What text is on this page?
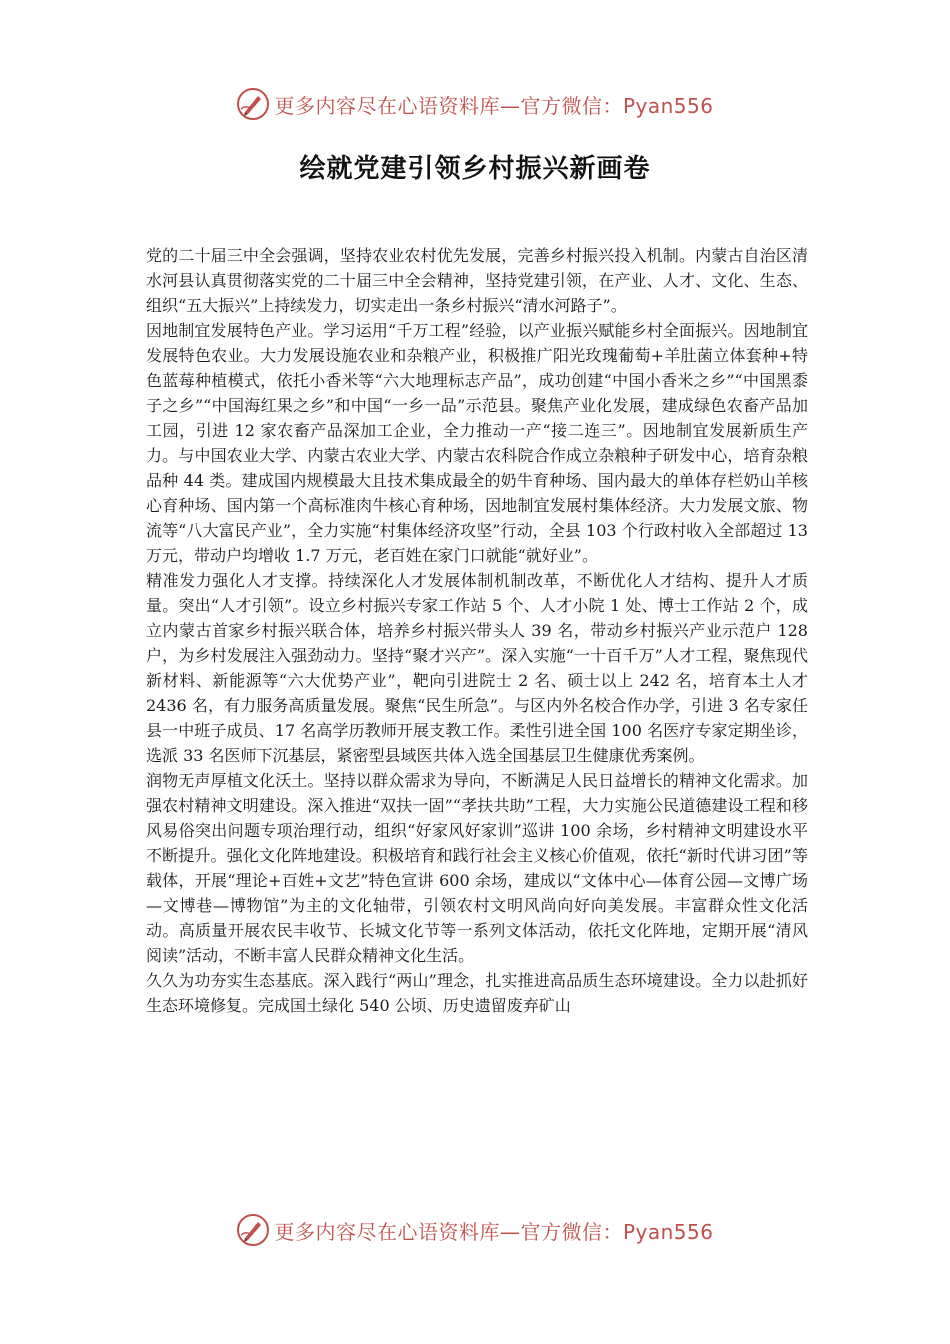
更多内容尽在心语资料库—官方微信：Pyan556
绘就党建引领乡村振兴新画卷

党的二十届三中全会强调，坚持农业农村优先发展，完善乡村振兴投入机制。内蒙古自治区清水河县认真贯彻落实党的二十届三中全会精神，坚持党建引领，在产业、人才、文化、生态、组织“五大振兴”上持续发力，切实走出一条乡村振兴“清水河路子”。

因地制宜发展特色产业。学习运用“千万工程”经验，以产业振兴赋能乡村全面振兴。因地制宜发展特色农业。大力发展设施农业和杂粮产业，积极推广阳光玫瑰葡萄+羊肚菌立体套种+特色蓝莓种植模式，依托小香米等“六大地理标志产品”，成功创建“中国小香米之乡”“中国黑黍子之乡”“中国海红果之乡”和中国“一乡一品”示范县。聚焦产业化发展，建成绿色农畜产品加工园，引进 12 家农畜产品深加工企业，全力推动一产“接二连三”。因地制宜发展新质生产力。与中国农业大学、内蒙古农业大学、内蒙古农科院合作成立杂粮种子研发中心，培育杂粮品种 44 类。建成国内规模最大且技术集成最全的奶牛育种场、国内最大的单体存栏奶山羊核心育种场、国内第一个高标准肉牛核心育种场，因地制宜发展村集体经济。大力发展文旅、物流等“八大富民产业”，全力实施“村集体经济攻坚”行动，全县 103 个行政村收入全部超过 13 万元，带动户均增收 1.7 万元，老百姓在家门口就能“就好业”。

精准发力强化人才支撑。持续深化人才发展体制机制改革，不断优化人才结构、提升人才质量。突出“人才引领”。设立乡村振兴专家工作站 5 个、人才小院 1 处、博士工作站 2 个，成立内蒙古首家乡村振兴联合体，培养乡村振兴带头人 39 名，带动乡村振兴产业示范户 128 户，为乡村发展注入强劲动力。坚持“聚才兴产”。深入实施“一十百千万”人才工程，聚焦现代新材料、新能源等“六大优势产业”，靶向引进院士 2 名、硕士以上 242 名，培育本土人才 2436 名，有力服务高质量发展。聚焦“民生所急”。与区内外名校合作办学，引进 3 名专家任县一中班子成员、17 名高学历教师开展支教工作。柔性引进全国 100 名医疗专家定期坐诊，选派 33 名医师下沉基层，紧密型县域医共体入选全国基层卫生健康优秀案例。

润物无声厚植文化沃土。坚持以群众需求为导向，不断满足人民日益增长的精神文化需求。加强农村精神文明建设。深入推进“双扶一固”“孝扶共助”工程，大力实施公民道德建设工程和移风易俗突出问题专项治理行动，组织“好家风好家训”巡讲 100 余场，乡村精神文明建设水平不断提升。强化文化阵地建设。积极培育和践行社会主义核心价值观，依托“新时代讲习团”等载体，开展“理论+百姓+文艺”特色宣讲 600 余场，建成以“文体中心—体育公园—文博广场—文博巷—博物馆”为主的文化轴带，引领农村文明风尚向好向美发展。丰富群众性文化活动。高质量开展农民丰收节、长城文化节等一系列文体活动，依托文化阵地，定期开展“清风阅读”活动，不断丰富人民群众精神文化生活。

久久为功夯实生态基底。深入践行“两山”理念，扎实推进高品质生态环境建设。全力以赴抓好生态环境修复。完成国土绿化 540 公顷、历史遗留废弃矿山

更多内容尽在心语资料库—官方微信：Pyan556
